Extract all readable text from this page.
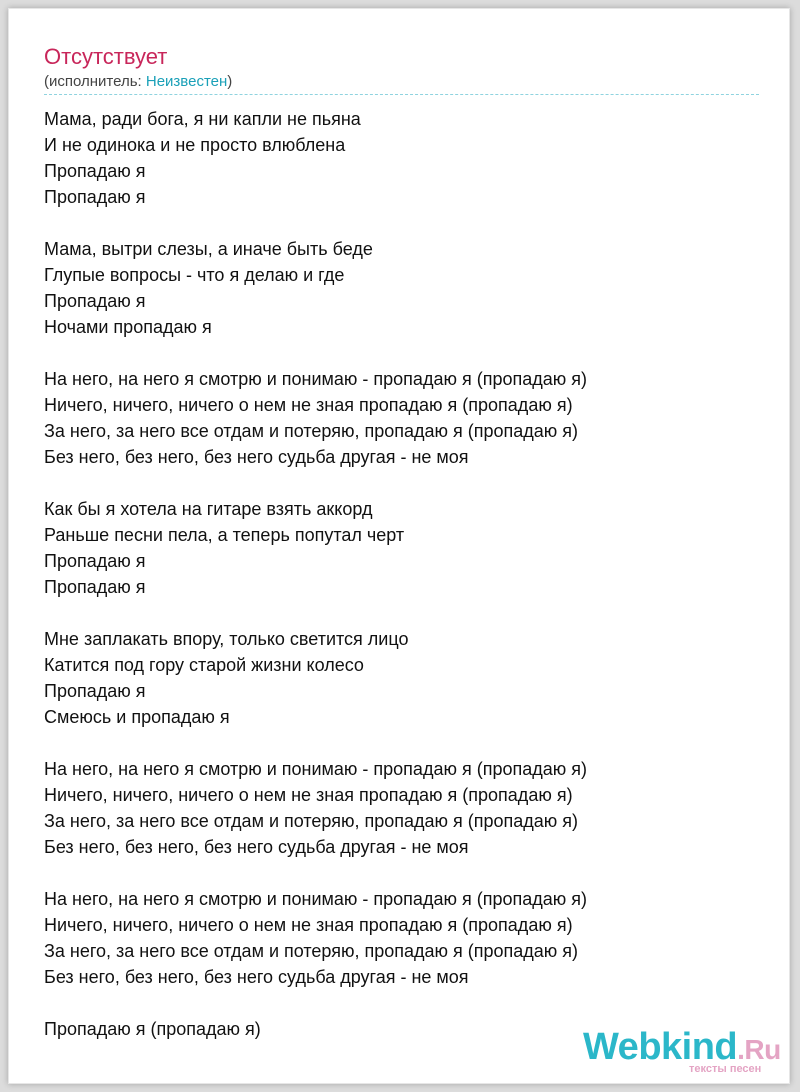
Отсутствует
(исполнитель: Неизвестен)
Мама, ради бога, я ни капли не пьяна
И не одинока и не просто влюблена
Пропадаю я
Пропадаю я
Мама, вытри слезы, а иначе быть беде
Глупые вопросы - что я делаю и где
Пропадаю я
Ночами пропадаю я
На него, на него я смотрю и понимаю - пропадаю я (пропадаю я)
Ничего, ничего, ничего о нем не зная пропадаю я (пропадаю я)
За него, за него все отдам и потеряю, пропадаю я (пропадаю я)
Без него, без него, без него судьба другая - не моя
Как бы я хотела на гитаре взять аккорд
Раньше песни пела, а теперь попутал черт
Пропадаю я
Пропадаю я
Мне заплакать впору, только светится лицо
Катится под гору старой жизни колесо
Пропадаю я
Смеюсь и пропадаю я
На него, на него я смотрю и понимаю - пропадаю я (пропадаю я)
Ничего, ничего, ничего о нем не зная пропадаю я (пропадаю я)
За него, за него все отдам и потеряю, пропадаю я (пропадаю я)
Без него, без него, без него судьба другая - не моя
На него, на него я смотрю и понимаю - пропадаю я (пропадаю я)
Ничего, ничего, ничего о нем не зная пропадаю я (пропадаю я)
За него, за него все отдам и потеряю, пропадаю я (пропадаю я)
Без него, без него, без него судьба другая - не моя
Пропадаю я (пропадаю я)	Webkind.Ru
тексты песен
